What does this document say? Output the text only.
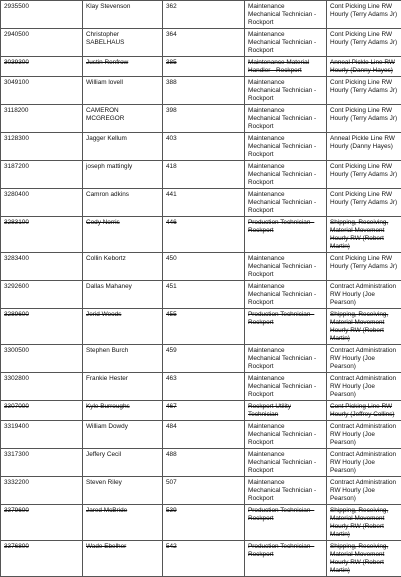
2935500	Klay Stevenson	362	Maintenance
Mechanical Technician -
Rockport	Cont Picking Line RW
Hourly (Terry Adams Jr)
2940500	Christopher
SABELHAUS	364	Maintenance
Mechanical Technician -
Rockport	Cont Picking Line RW
Hourly (Terry Adams Jr)
3039300	Justin Renfrow	385	Maintenance Material
Handler - Rockport	Anneal Pickle Line RW
Hourly (Danny Hayes)
3049100	William lovell	388	Maintenance
Mechanical Technician -
Rockport	Cont Picking Line RW
Hourly (Terry Adams Jr)
3118200	CAMERON
MCGREGOR	398	Maintenance
Mechanical Technician -
Rockport	Cont Picking Line RW
Hourly (Terry Adams Jr)
3128300	Jagger Kellum	403	Maintenance
Mechanical Technician -
Rockport	Anneal Pickle Line RW
Hourly (Danny Hayes)
3187200	joseph mattingly	418	Maintenance
Mechanical Technician -
Rockport	Cont Picking Line RW
Hourly (Terry Adams Jr)
3280400	Camron adkins	441	Maintenance
Mechanical Technician -
Rockport	Cont Picking Line RW
Hourly (Terry Adams Jr)
3283100	Cody Norris	446	Production Technician -
Rockport	Shipping, Receiving,
Material Movement
Hourly RW (Robert
Martin)
3283400	Collin Kebortz	450	Maintenance
Mechanical Technician -
Rockport	Cont Picking Line RW
Hourly (Terry Adams Jr)
3292600	Dallas Mahaney	451	Maintenance
Mechanical Technician -
Rockport	Contract Administration
RW Hourly (Joe
Pearson)
3289600	Jerid Woods	455	Production Technician -
Rockport	Shipping, Receiving,
Material Movement
Hourly RW (Robert
Martin)
3300500	Stephen Burch	459	Maintenance
Mechanical Technician -
Rockport	Contract Administration
RW Hourly (Joe
Pearson)
3302800	Frankie Hester	463	Maintenance
Mechanical Technician -
Rockport	Contract Administration
RW Hourly (Joe
Pearson)
3307000	Kyle Burroughs	467	Rockport Utility
Technician	Cont Picking Line RW
Hourly (Jeffrey Collins)
3319400	William Dowdy	484	Maintenance
Mechanical Technician -
Rockport	Contract Administration
RW Hourly (Joe
Pearson)
3317300	Jeffery Cecil	488	Maintenance
Mechanical Technician -
Rockport	Contract Administration
RW Hourly (Joe
Pearson)
3332200	Steven Riley	507	Maintenance
Mechanical Technician -
Rockport	Contract Administration
RW Hourly (Joe
Pearson)
3379600	Jared McBride	539	Production Technician -
Rockport	Shipping, Receiving,
Material Movement
Hourly RW (Robert
Martin)
3376800	Wade Ebelher	542	Production Technician -
Rockport	Shipping, Receiving,
Material Movement
Hourly RW (Robert
Martin)
